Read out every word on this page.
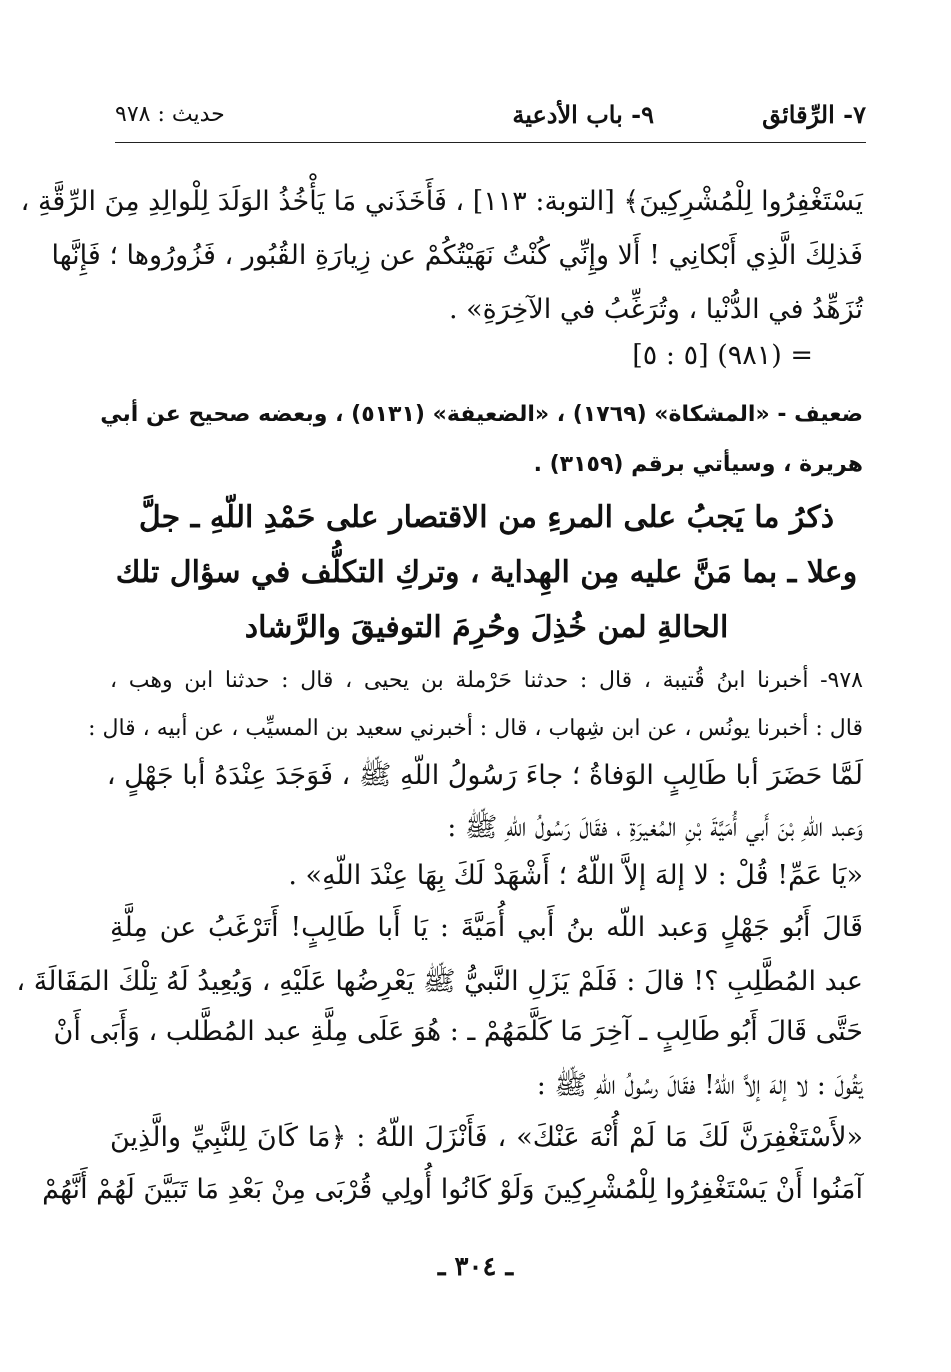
٧- الرِّقائق
٩- باب الأدعية
حديث : ٩٧٨
يَسْتَغْفِرُوا لِلْمُشْرِكِينَ﴾ [التوبة: ١١٣] ، فَأَخَذَني مَا يَأْخُذُ الوَلَدَ لِلْوالِدِ مِنَ الرِّقَّةِ ،
فَذلِكَ الَّذِي أَبْكانِي ! أَلا وإِنِّي كُنْتُ نَهَيْتُكُمْ عن زِيارَةِ القُبُور ، فَزُورُوها ؛ فَإِنَّها
تُزَهِّدُ في الدُّنْيا ، وتُرَغِّبُ في الآخِرَةِ» .
= (٩٨١) [٥ : ٥]
ضعيف - «المشكاة» (١٧٦٩) ، «الضعيفة» (٥١٣١) ، وبعضه صحيح عن أبي
هريرة ، وسيأتي برقم (٣١٥٩) .
ذكرُ ما يَجبُ على المرءِ من الاقتصار على حَمْدِ اللّهِ ـ جلَّ
وعلا ـ بما مَنَّ عليه مِن الهِداية ، وتركِ التكلُّف في سؤال تلك
الحالةِ لمن خُذِلَ وحُرِمَ التوفيقَ والرَّشاد
٩٧٨- أخبرنا ابنُ قُتيبة ، قال : حدثنا حَرْملة بن يحيى ، قال : حدثنا ابن وهب ،
قال : أخبرنا يونُس ، عن ابن شِهاب ، قال : أخبرني سعيد بن المسيِّب ، عن أبيه ، قال :
لَمَّا حَضَرَ أبا طَالِبٍ الوَفاةُ ؛ جاءَ رَسُولُ اللّهِ ﷺ ، فَوَجَدَ عِنْدَهُ أبا جَهْلٍ ،
وَعبد اللّهِ بْنَ أَبي أُمَيَّةَ بْنِ المُغيرَةِ ، فقَالَ رَسُولُ اللّهِ ﷺ :
«يَا عَمِّ! قُلْ : لا إلهَ إلاَّ اللّهُ ؛ أَشْهَدْ لَكَ بِهَا عِنْدَ اللّهِ» .
قَالَ أَبُو جَهْلٍ وَعبد اللّه بنُ أَبي أُمَيَّةَ : يَا أَبا طَالِبٍ! أَتَرْغَبُ عن مِلَّةِ
عبد المُطَّلِبِ ؟! قالَ : فَلَمْ يَزَلِ النَّبيُّ ﷺ يَعْرِضُها عَلَيْهِ ، وَيُعِيدُ لَهُ تِلْكَ المَقَالَةَ ،
حَتَّى قَالَ أَبُو طَالِبٍ ـ آخِرَ مَا كَلَّمَهُمْ ـ : هُوَ عَلَى مِلَّةِ عبد المُطَّلب ، وَأَبَى أَنْ
يَقُولَ : لا إلهَ إلاَّ اللّهُ! فقَالَ رسُولُ اللّهِ ﷺ :
«لأَسْتَغْفِرَنَّ لَكَ مَا لَمْ أُنْهَ عَنْكَ» ، فَأَنْزَلَ اللّهُ : ﴿مَا كَانَ لِلنَّبِيِّ والَّذِينَ
آمَنُوا أَنْ يَسْتَغْفِرُوا لِلْمُشْرِكِينَ وَلَوْ كَانُوا أُولِي قُرْبَى مِنْ بَعْدِ مَا تَبَيَّنَ لَهُمْ أَنَّهُمْ
ـ ٣٠٤ ـ
